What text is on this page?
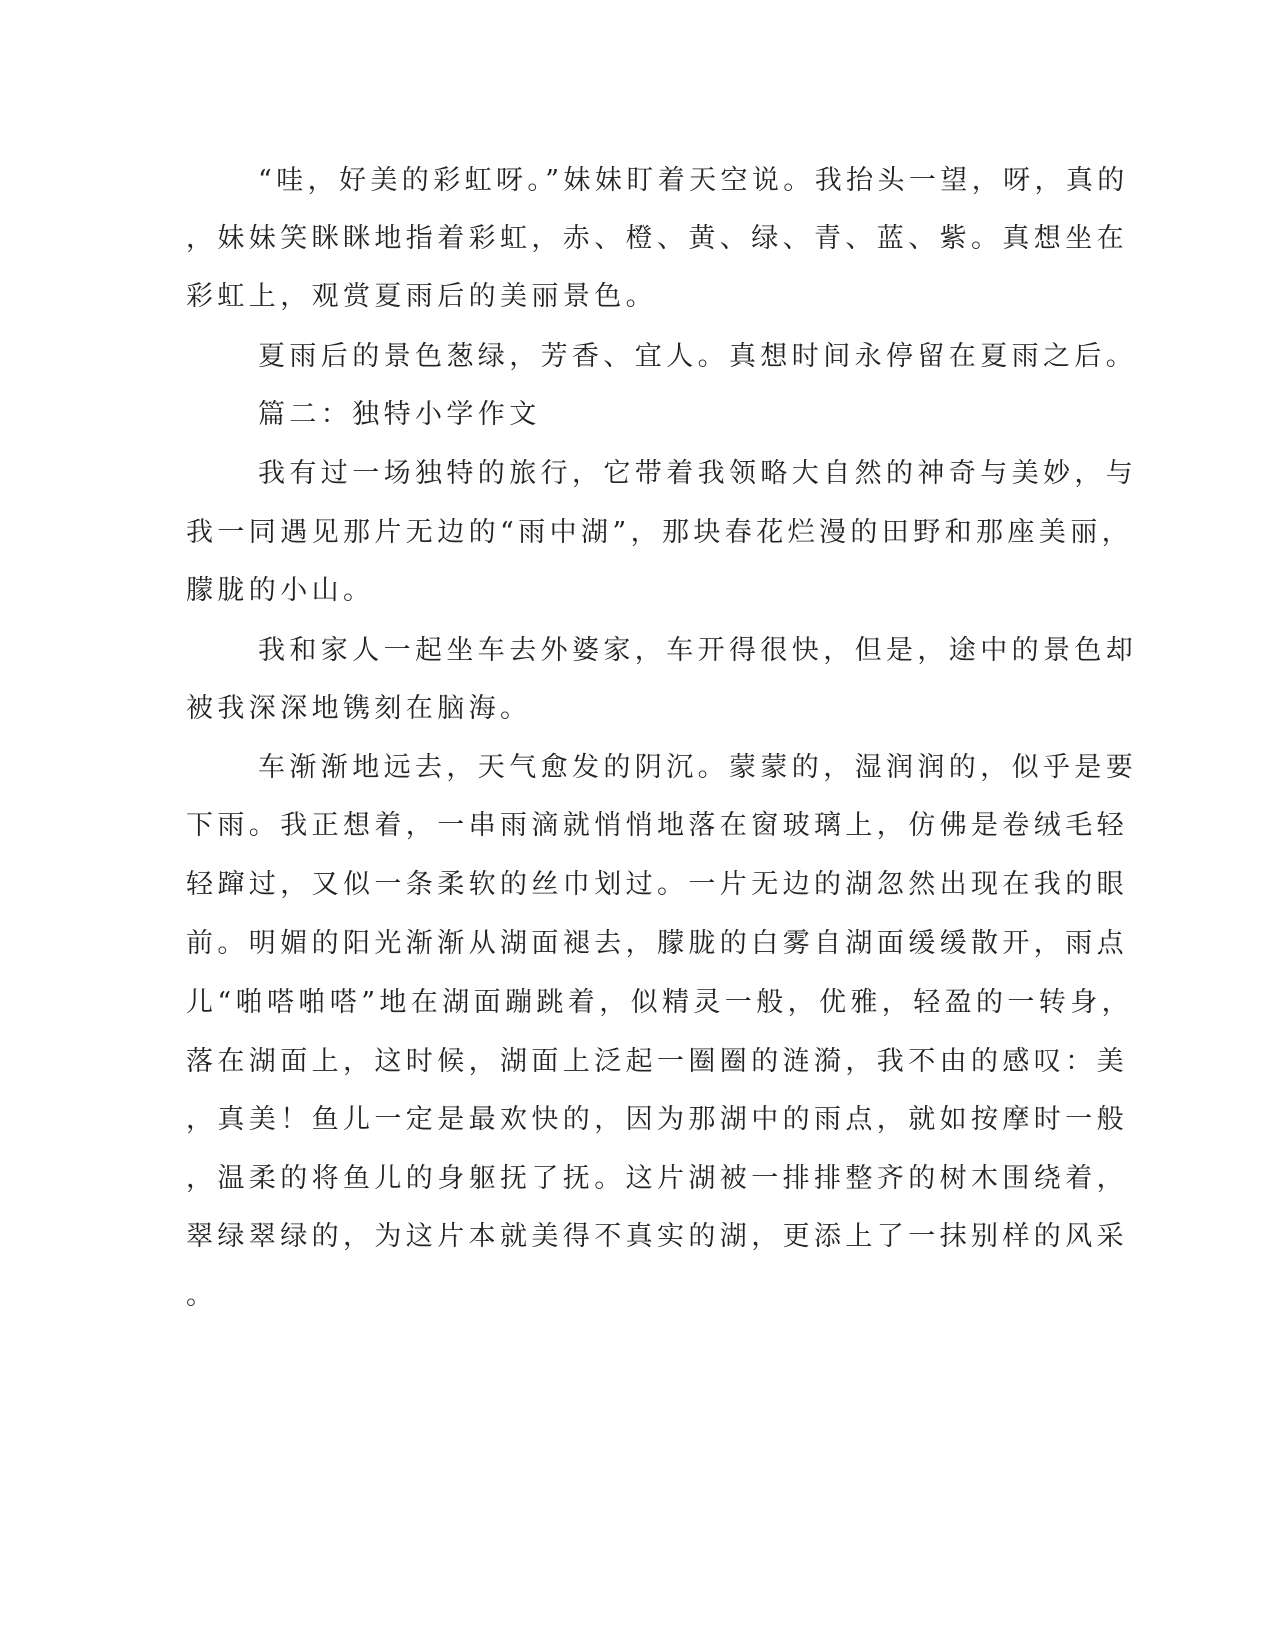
“哇，好美的彩虹呀。”妹妹盯着天空说。我抬头一望，呀，真的

，妹妹笑眯眯地指着彩虹，赤、橙、黄、绿、青、蓝、紫。真想坐在

彩虹上，观赏夏雨后的美丽景色。

夏雨后的景色葱绿，芳香、宜人。真想时间永停留在夏雨之后。

篇二：独特小学作文

我有过一场独特的旅行，它带着我领略大自然的神奇与美妙，与

我一同遇见那片无边的“雨中湖”，那块春花烂漫的田野和那座美丽，

朦胧的小山。

我和家人一起坐车去外婆家，车开得很快，但是，途中的景色却

被我深深地镌刻在脑海。

车渐渐地远去，天气愈发的阴沉。蒙蒙的，湿润润的，似乎是要

下雨。我正想着，一串雨滴就悄悄地落在窗玻璃上，仿佛是卷绒毛轻

轻蹿过，又似一条柔软的丝巾划过。一片无边的湖忽然出现在我的眼

前。明媚的阳光渐渐从湖面褪去，朦胧的白雾自湖面缓缓散开，雨点

儿“啪嗒啪嗒”地在湖面蹦跳着，似精灵一般，优雅，轻盈的一转身，

落在湖面上，这时候，湖面上泛起一圈圈的涟漪，我不由的感叹：美

，真美！鱼儿一定是最欢快的，因为那湖中的雨点，就如按摩时一般

，温柔的将鱼儿的身躯抚了抚。这片湖被一排排整齐的树木围绕着，

翠绿翠绿的，为这片本就美得不真实的湖，更添上了一抹别样的风采

。
